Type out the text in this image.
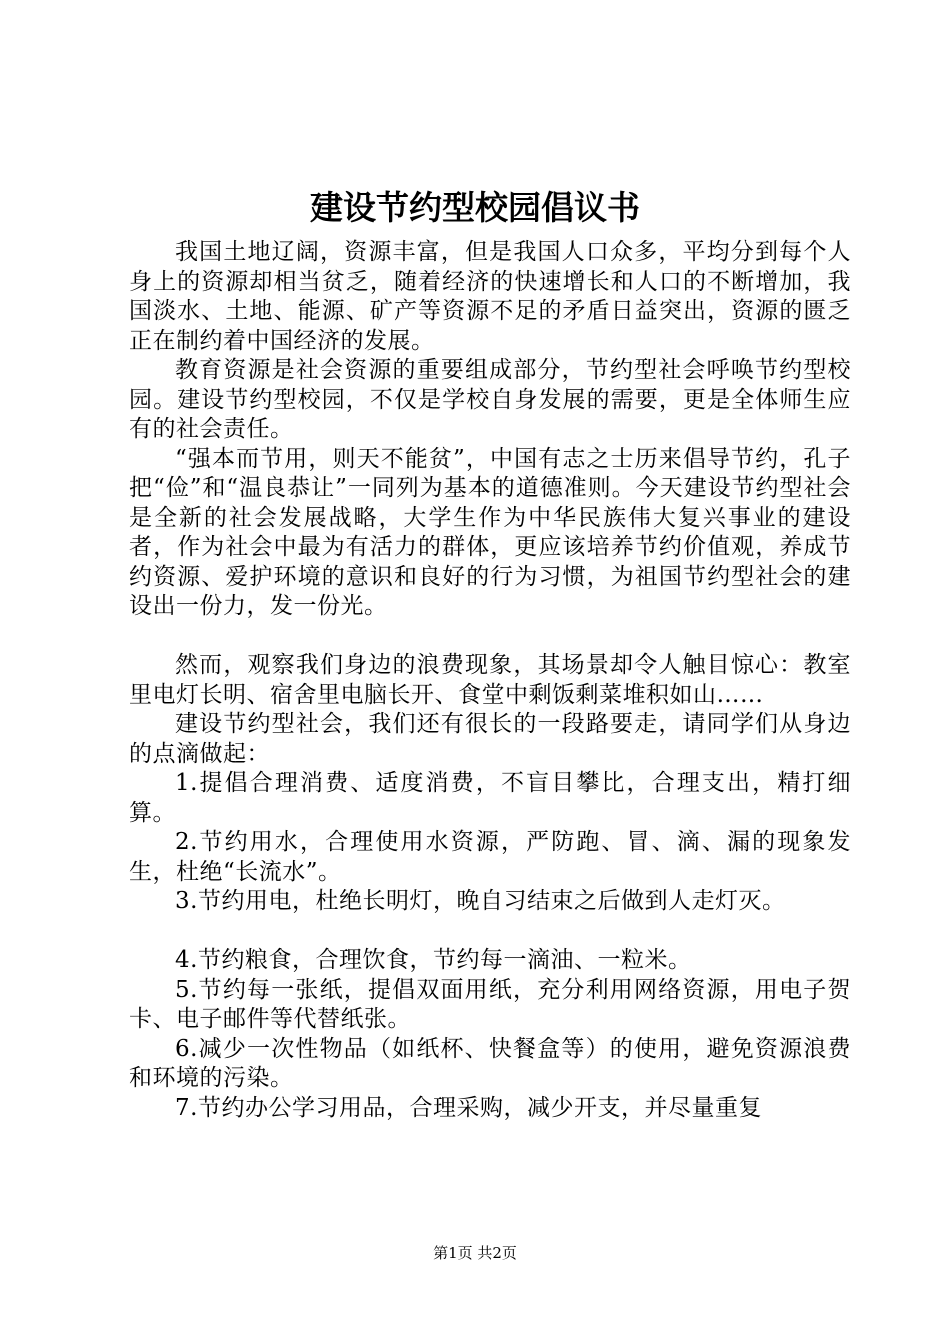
建设节约型校园倡议书

我国土地辽阔，资源丰富，但是我国人口众多，平均分到每个人身上的资源却相当贫乏，随着经济的快速增长和人口的不断增加，我国淡水、土地、能源、矿产等资源不足的矛盾日益突出，资源的匮乏正在制约着中国经济的发展。

教育资源是社会资源的重要组成部分，节约型社会呼唤节约型校园。建设节约型校园，不仅是学校自身发展的需要，更是全体师生应有的社会责任。

“强本而节用，则天不能贫”，中国有志之士历来倡导节约，孔子把“俭”和“温良恭让”一同列为基本的道德准则。今天建设节约型社会是全新的社会发展战略，大学生作为中华民族伟大复兴事业的建设者，作为社会中最为有活力的群体，更应该培养节约价值观，养成节约资源、爱护环境的意识和良好的行为习惯，为祖国节约型社会的建设出一份力，发一份光。

然而，观察我们身边的浪费现象，其场景却令人触目惊心：教室里电灯长明、宿舍里电脑长开、食堂中剩饭剩菜堆积如山……

建设节约型社会，我们还有很长的一段路要走，请同学们从身边的点滴做起：

1.提倡合理消费、适度消费，不盲目攀比，合理支出，精打细算。

2.节约用水，合理使用水资源，严防跑、冒、滴、漏的现象发生，杜绝“长流水”。

3.节约用电，杜绝长明灯，晚自习结束之后做到人走灯灭。

4.节约粮食，合理饮食，节约每一滴油、一粒米。

5.节约每一张纸，提倡双面用纸，充分利用网络资源，用电子贺卡、电子邮件等代替纸张。

6.减少一次性物品（如纸杯、快餐盒等）的使用，避免资源浪费和环境的污染。

7.节约办公学习用品，合理采购，减少开支，并尽量重复

第1页 共2页
